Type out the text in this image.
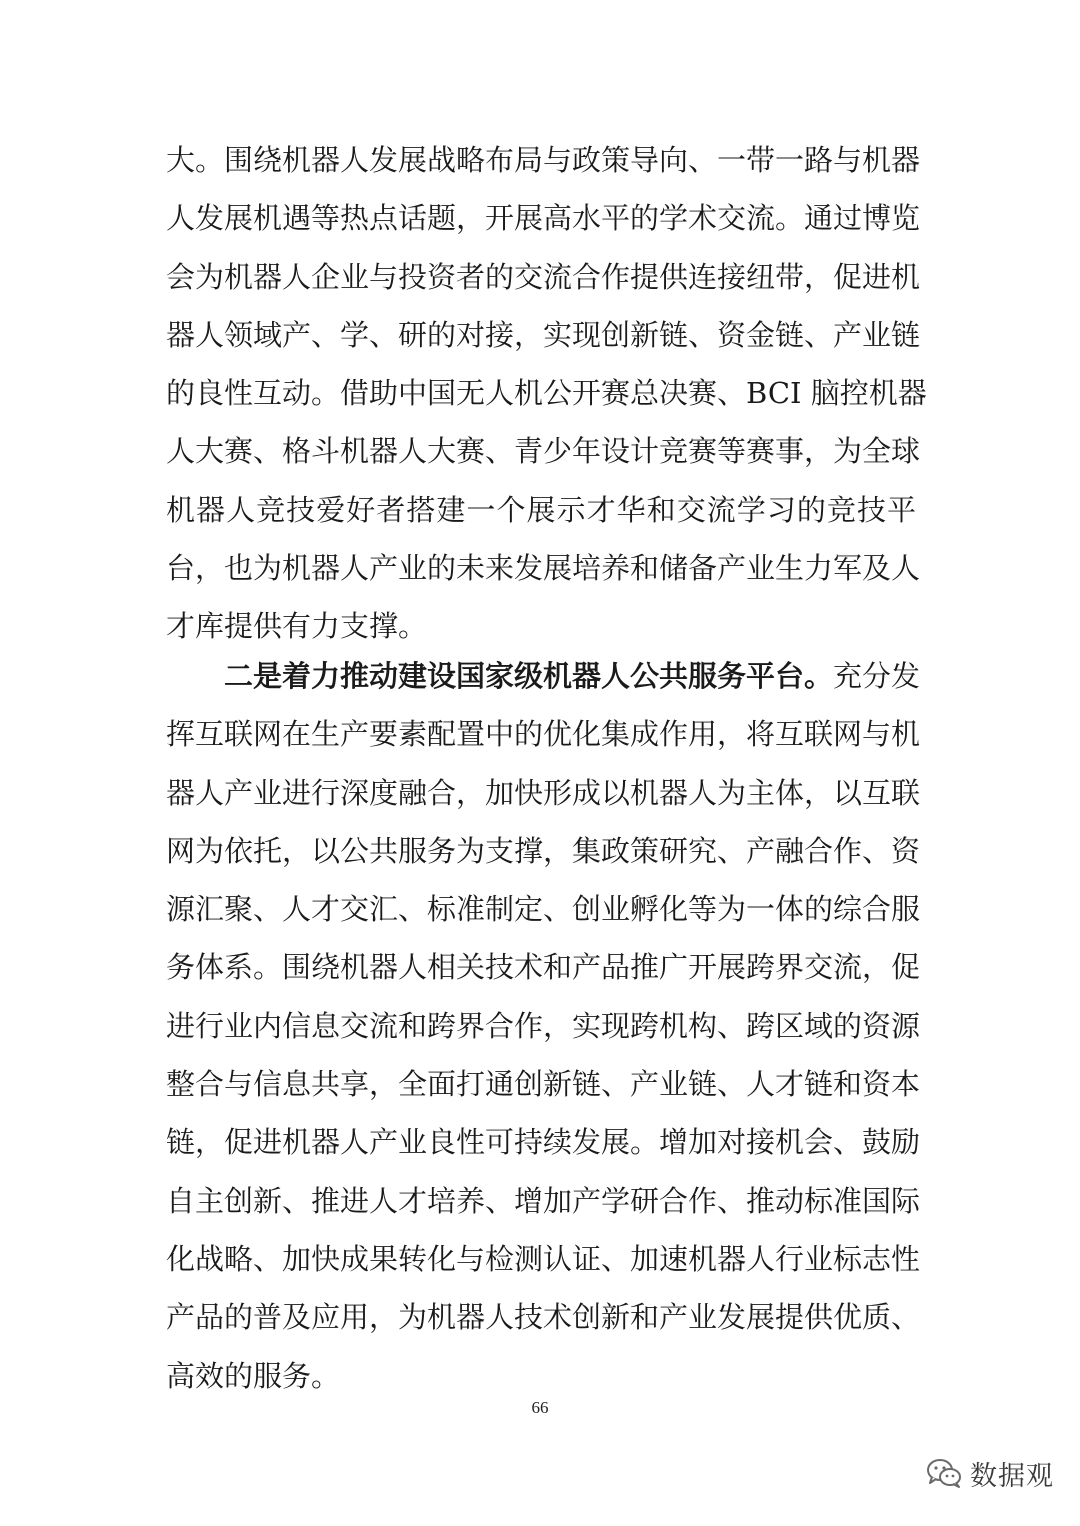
大。围绕机器人发展战略布局与政策导向、一带一路与机器
人发展机遇等热点话题，开展高水平的学术交流。通过博览
会为机器人企业与投资者的交流合作提供连接纽带，促进机
器人领域产、学、研的对接，实现创新链、资金链、产业链
的良性互动。借助中国无人机公开赛总决赛、BCI 脑控机器
人大赛、格斗机器人大赛、青少年设计竞赛等赛事，为全球
机器人竞技爱好者搭建一个展示才华和交流学习的竞技平
台，也为机器人产业的未来发展培养和储备产业生力军及人
才库提供有力支撑。
二是着力推动建设国家级机器人公共服务平台。充分发
挥互联网在生产要素配置中的优化集成作用，将互联网与机
器人产业进行深度融合，加快形成以机器人为主体，以互联
网为依托，以公共服务为支撑，集政策研究、产融合作、资
源汇聚、人才交汇、标准制定、创业孵化等为一体的综合服
务体系。围绕机器人相关技术和产品推广开展跨界交流，促
进行业内信息交流和跨界合作，实现跨机构、跨区域的资源
整合与信息共享，全面打通创新链、产业链、人才链和资本
链，促进机器人产业良性可持续发展。增加对接机会、鼓励
自主创新、推进人才培养、增加产学研合作、推动标准国际
化战略、加快成果转化与检测认证、加速机器人行业标志性
产品的普及应用，为机器人技术创新和产业发展提供优质、
高效的服务。
66
数据观
